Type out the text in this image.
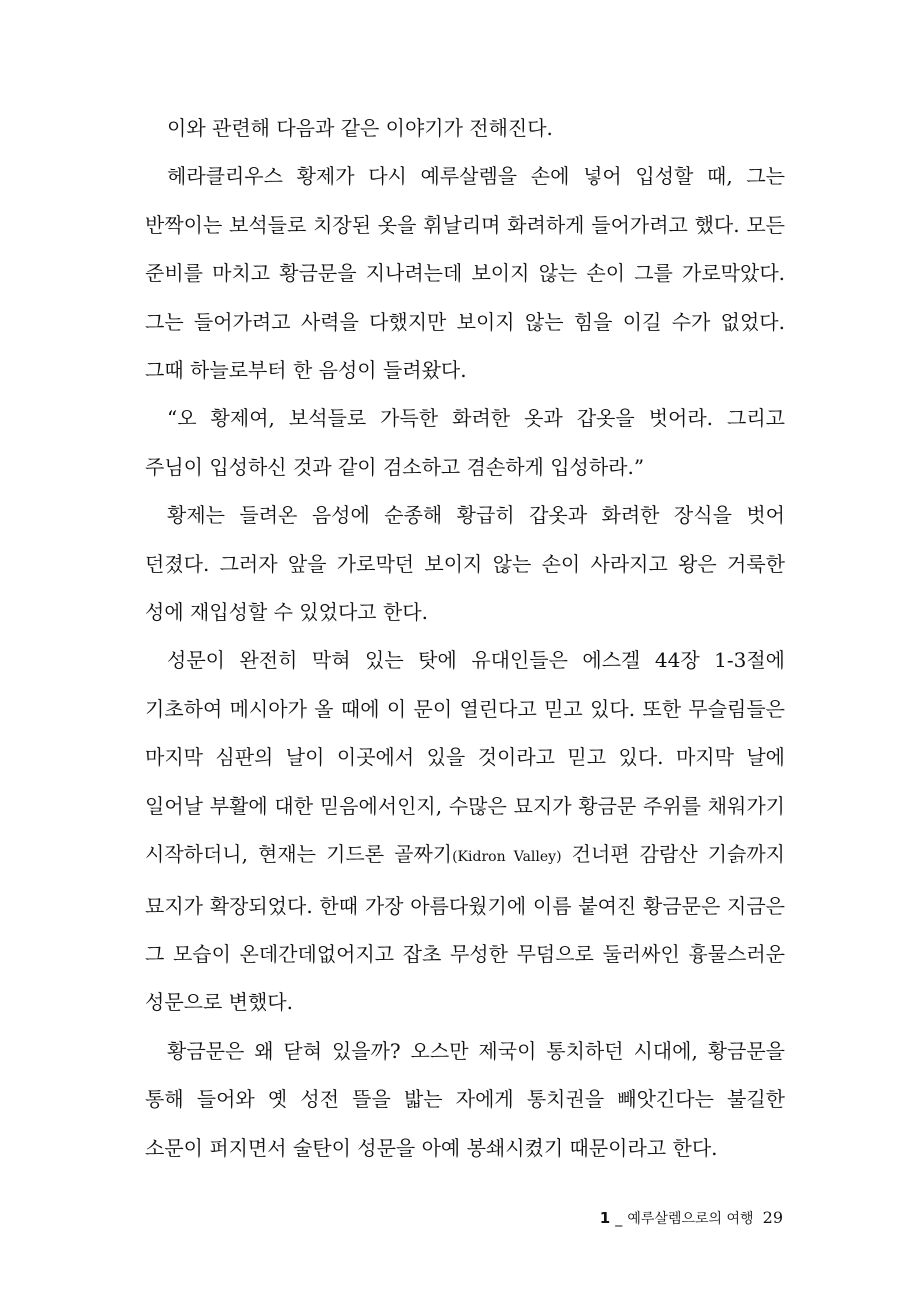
이와 관련해 다음과 같은 이야기가 전해진다.

헤라클리우스 황제가 다시 예루살렘을 손에 넣어 입성할 때, 그는 반짝이는 보석들로 치장된 옷을 휘날리며 화려하게 들어가려고 했다. 모든 준비를 마치고 황금문을 지나려는데 보이지 않는 손이 그를 가로막았다. 그는 들어가려고 사력을 다했지만 보이지 않는 힘을 이길 수가 없었다. 그때 하늘로부터 한 음성이 들려왔다.

“오 황제여, 보석들로 가득한 화려한 옷과 갑옷을 벗어라. 그리고 주님이 입성하신 것과 같이 검소하고 겸손하게 입성하라.”

황제는 들려온 음성에 순종해 황급히 갑옷과 화려한 장식을 벗어 던졌다. 그러자 앞을 가로막던 보이지 않는 손이 사라지고 왕은 거룩한 성에 재입성할 수 있었다고 한다.

성문이 완전히 막혀 있는 탓에 유대인들은 에스겔 44장 1-3절에 기초하여 메시아가 올 때에 이 문이 열린다고 믿고 있다. 또한 무슬림들은 마지막 심판의 날이 이곳에서 있을 것이라고 믿고 있다. 마지막 날에 일어날 부활에 대한 믿음에서인지, 수많은 묘지가 황금문 주위를 채워가기 시작하더니, 현재는 기드론 골짜기(Kidron Valley) 건너편 감람산 기슭까지 묘지가 확장되었다. 한때 가장 아름다웠기에 이름 붙여진 황금문은 지금은 그 모습이 온데간데없어지고 잡초 무성한 무덤으로 둘러싸인 흉물스러운 성문으로 변했다.

황금문은 왜 닫혀 있을까? 오스만 제국이 통치하던 시대에, 황금문을 통해 들어와 옛 성전 뜰을 밟는 자에게 통치권을 빼앗긴다는 불길한 소문이 퍼지면서 술탄이 성문을 아예 봉쇄시켰기 때문이라고 한다.

1 _ 예루살렘으로의 여행 29
